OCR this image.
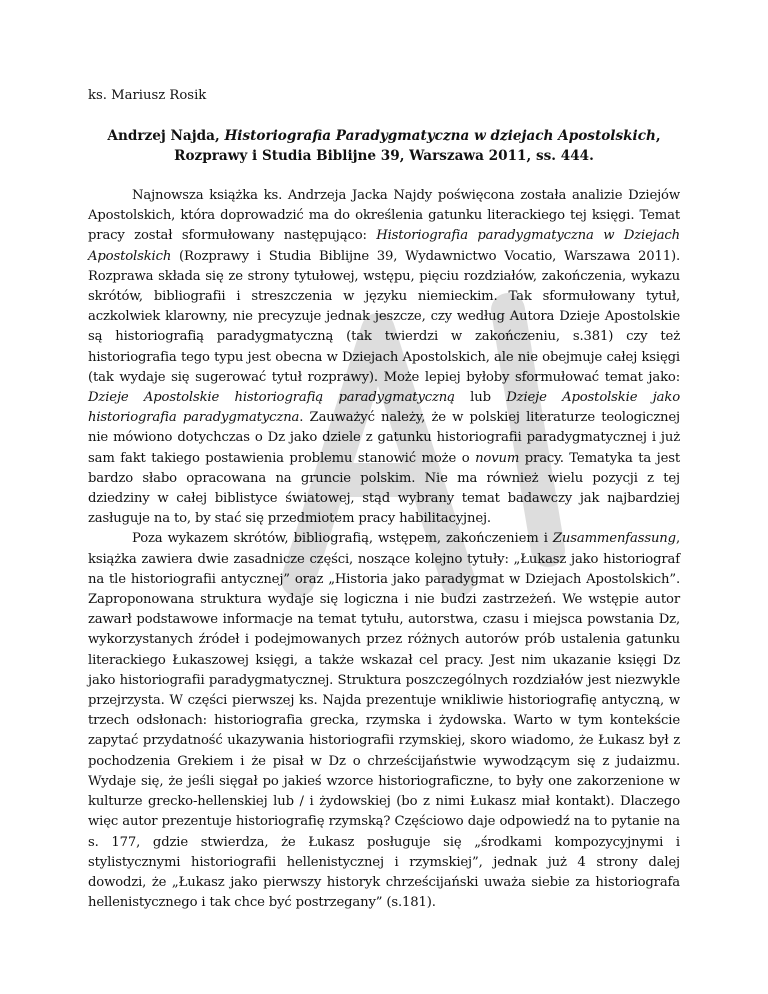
ks. Mariusz Rosik

Andrzej Najda, Historiografia Paradygmatyczna w dziejach Apostolskich, Rozprawy i Studia Biblijne 39, Warszawa 2011, ss. 444.

Najnowsza książka ks. Andrzeja Jacka Najdy poświęcona została analizie Dziejów Apostolskich, która doprowadzić ma do określenia gatunku literackiego tej księgi. Temat pracy został sformułowany następująco: Historiografia paradygmatyczna w Dziejach Apostolskich (Rozprawy i Studia Biblijne 39, Wydawnictwo Vocatio, Warszawa 2011). Rozprawa składa się ze strony tytułowej, wstępu, pięciu rozdziałów, zakończenia, wykazu skrótów, bibliografii i streszczenia w języku niemieckim. Tak sformułowany tytuł, aczkolwiek klarowny, nie precyzuje jednak jeszcze, czy według Autora Dzieje Apostolskie są historiografią paradygmatyczną (tak twierdzi w zakończeniu, s.381) czy też historiografia tego typu jest obecna w Dziejach Apostolskich, ale nie obejmuje całej księgi (tak wydaje się sugerować tytuł rozprawy). Może lepiej byłoby sformułować temat jako: Dzieje Apostolskie historiografią paradygmatyczną lub Dzieje Apostolskie jako historiografia paradygmatyczna. Zauważyć należy, że w polskiej literaturze teologicznej nie mówiono dotychczas o Dz jako dziele z gatunku historiografii paradygmatycznej i już sam fakt takiego postawienia problemu stanowić może o novum pracy. Tematyka ta jest bardzo słabo opracowana na gruncie polskim. Nie ma również wielu pozycji z tej dziedziny w całej biblistyce światowej, stąd wybrany temat badawczy jak najbardziej zasługuje na to, by stać się przedmiotem pracy habilitacyjnej.

Poza wykazem skrótów, bibliografią, wstępem, zakończeniem i Zusammenfassung, książka zawiera dwie zasadnicze części, noszące kolejno tytuły: „Łukasz jako historiograf na tle historiografii antycznej” oraz „Historia jako paradygmat w Dziejach Apostolskich”. Zaproponowana struktura wydaje się logiczna i nie budzi zastrzeżeń. We wstępie autor zawarł podstawowe informacje na temat tytułu, autorstwa, czasu i miejsca powstania Dz, wykorzystanych źródeł i podejmowanych przez różnych autorów prób ustalenia gatunku literackiego Łukaszowej księgi, a także wskazał cel pracy. Jest nim ukazanie księgi Dz jako historiografii paradygmatycznej. Struktura poszczególnych rozdziałów jest niezwykle przejrzysta. W części pierwszej ks. Najda prezentuje wnikliwie historiografię antyczną, w trzech odsłonach: historiografia grecka, rzymska i żydowska. Warto w tym kontekście zapytać przydatność ukazywania historiografii rzymskiej, skoro wiadomo, że Łukasz był z pochodzenia Grekiem i że pisał w Dz o chrześcijaństwie wywodzącym się z judaizmu. Wydaje się, że jeśli sięgał po jakieś wzorce historiograficzne, to były one zakorzenione w kulturze grecko-hellenskiej lub / i żydowskiej (bo z nimi Łukasz miał kontakt). Dlaczego więc autor prezentuje historiografię rzymską? Częściowo daje odpowiedź na to pytanie na s. 177, gdzie stwierdza, że Łukasz posługuje się „środkami kompozycyjnymi i stylistycznymi historiografii hellenistycznej i rzymskiej”, jednak już 4 strony dalej dowodzi, że „Łukasz jako pierwszy historyk chrześcijański uważa siebie za historiografa hellenistycznego i tak chce być postrzegany” (s.181).
